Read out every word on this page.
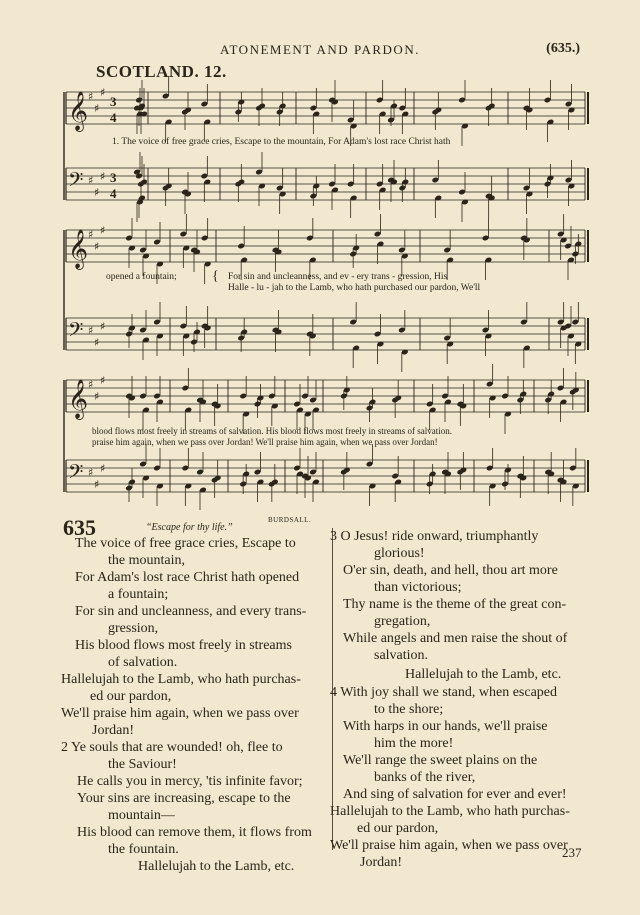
ATONEMENT AND PARDON.	(635.)
SCOTLAND. 12.
𝄞 ♯
♯
♯
3
4
𝄢 ♯
♯
♯ 3
4
𝄞 ♯
♯
♯
𝄢 ♯
♯
♯
𝄞 ♯
♯
♯
𝄢 ♯
♯
♯
1. The voice of free grace cries, Escape to the mountain, For Adam's lost race Christ hath
opened a fountain;	{ For sin and uncleanness, and ev - ery trans - gression, His
Halle - lu - jah to the Lamb, who hath purchased our pardon, We'll
blood flows most freely in streams of salvation. His blood flows most freely in streams of salvation.
praise him again, when we pass over Jordan! We'll praise him again, when we pass over Jordan!
635	“Escape for thy life.”
BURDSALL.
The voice of free grace cries, Escape to
the mountain,
For Adam's lost race Christ hath opened
a fountain;
For sin and uncleanness, and every trans-
gression,
His blood flows most freely in streams
of salvation.
Hallelujah to the Lamb, who hath purchas-
ed our pardon,
We'll praise him again, when we pass over
Jordan!
2 Ye souls that are wounded! oh, flee to
the Saviour!
He calls you in mercy, 'tis infinite favor;
Your sins are increasing, escape to the
mountain—
His blood can remove them, it flows from
the fountain.
Hallelujah to the Lamb, etc.
3 O Jesus! ride onward, triumphantly
glorious!
O'er sin, death, and hell, thou art more
than victorious;
Thy name is the theme of the great con-
gregation,
While angels and men raise the shout of
salvation.
Hallelujah to the Lamb, etc.
4 With joy shall we stand, when escaped
to the shore;
With harps in our hands, we'll praise
him the more!
We'll range the sweet plains on the
banks of the river,
And sing of salvation for ever and ever!
Hallelujah to the Lamb, who hath purchas-
ed our pardon,
We'll praise him again, when we pass over
Jordan!
237
